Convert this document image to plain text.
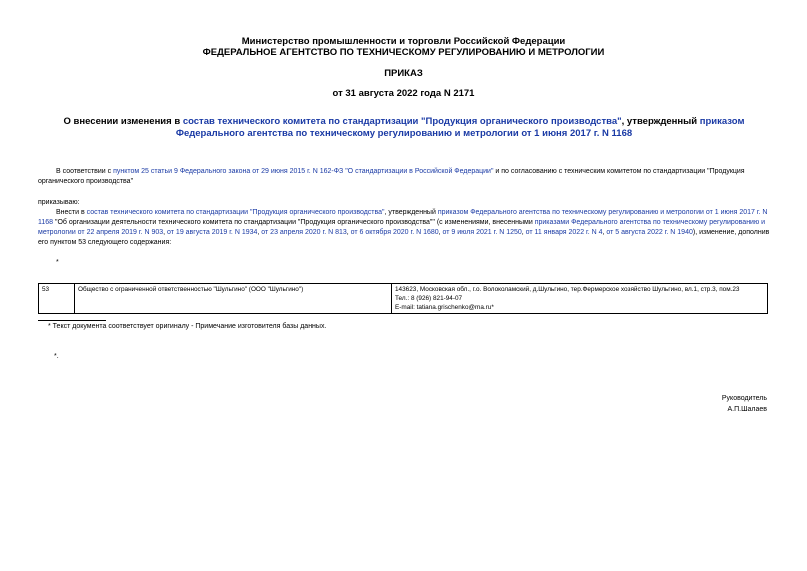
Министерство промышленности и торговли Российской Федерации
ФЕДЕРАЛЬНОЕ АГЕНТСТВО ПО ТЕХНИЧЕСКОМУ РЕГУЛИРОВАНИЮ И МЕТРОЛОГИИ
ПРИКАЗ
от 31 августа 2022 года N 2171
О внесении изменения в состав технического комитета по стандартизации "Продукция органического производства", утвержденный приказом Федерального агентства по техническому регулированию и метрологии от 1 июня 2017 г. N 1168
В соответствии с пунктом 25 статьи 9 Федерального закона от 29 июня 2015 г. N 162-ФЗ "О стандартизации в Российской Федерации" и по согласованию с техническим комитетом по стандартизации "Продукция органического производства"
приказываю:
Внести в состав технического комитета по стандартизации "Продукция органического производства", утвержденный приказом Федерального агентства по техническому регулированию и метрологии от 1 июня 2017 г. N 1168 "Об организации деятельности технического комитета по стандартизации "Продукция органического производства"" (с изменениями, внесенными приказами Федерального агентства по техническому регулированию и метрологии от 22 апреля 2019 г. N 903, от 19 августа 2019 г. N 1934, от 23 апреля 2020 г. N 813, от 6 октября 2020 г. N 1680, от 9 июля 2021 г. N 1250, от 11 января 2022 г. N 4, от 5 августа 2022 г. N 1940), изменение, дополнив его пунктом 53 следующего содержания:
*
53	Общество с ограниченной ответственностью "Шульгино" (ООО "Шульгино")	143623, Московская обл., г.о. Волоколамский, д.Шульгино, тер.Фермерское хозяйство Шульгино, вл.1, стр.3, пом.23
Тел.: 8 (926) 821-94-07
E-mail: tatiana.grischenko@ma.ru*
* Текст документа соответствует оригиналу - Примечание изготовителя базы данных.
*.
Руководитель
А.П.Шалаев
